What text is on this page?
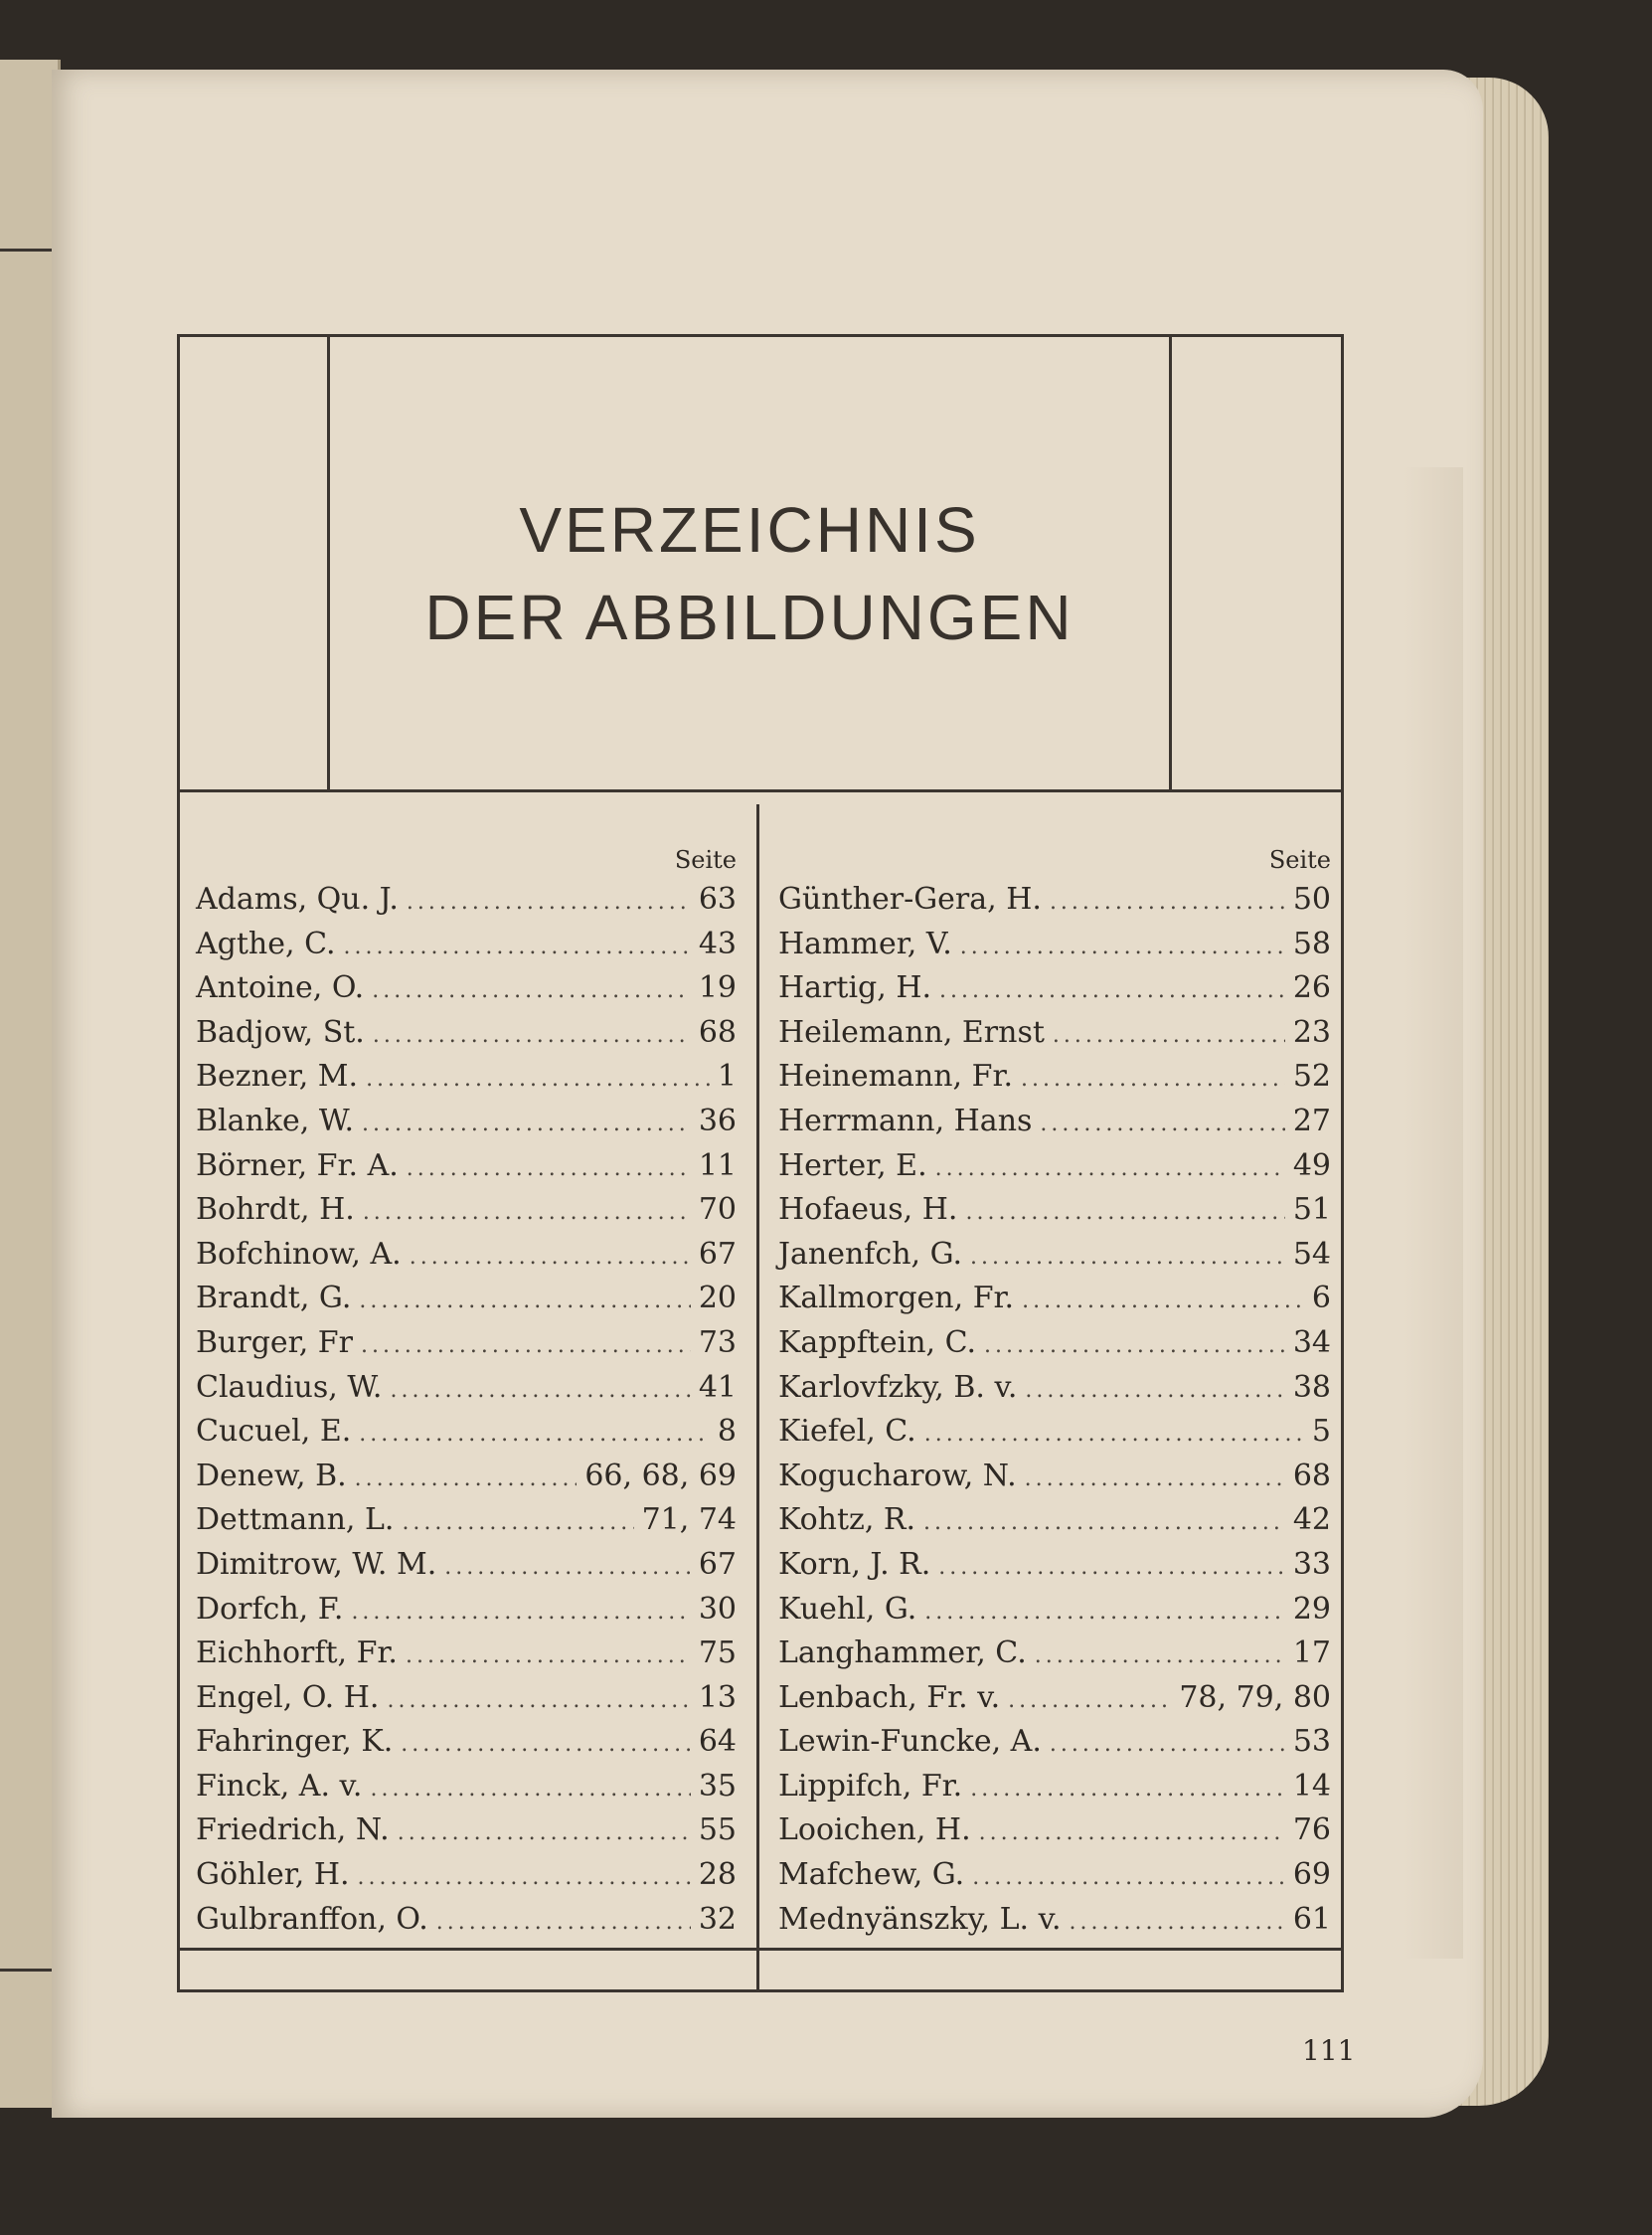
VERZEICHNIS

DER ABBILDUNGEN

Seite

Adams, Qu. J. .....	63
Agthe, C. .....	43
Antoine, O. .....	19
Badjow, St. .....	68
Bezner, M. .....	1
Blanke, W. .....	36
Börner, Fr. A. .....	11
Bohrdt, H. .....	70
Bofchinow, A. .....	67
Brandt, G. .....	20
Burger, Fr .....	73
Claudius, W. .....	41
Cucuel, E. .....	8
Denew, B. .....	66, 68, 69
Dettmann, L. .....	71, 74
Dimitrow, W. M. .....	67
Dorfch, F. .....	30
Eichhorft, Fr. .....	75
Engel, O. H. .....	13
Fahringer, K. .....	64
Finck, A. v. .....	35
Friedrich, N. .....	55
Göhler, H. .....	28
Gulbranffon, O. .....	32

Seite

Günther-Gera, H. .....	50
Hammer, V. .....	58
Hartig, H. .....	26
Heilemann, Ernst .....	23
Heinemann, Fr. .....	52
Herrmann, Hans .....	27
Herter, E. .....	49
Hofaeus, H. .....	51
Janenfch, G. .....	54
Kallmorgen, Fr. .....	6
Kappftein, C. .....	34
Karlovfzky, B. v. .....	38
Kiefel, C. .....	5
Kogucharow, N. .....	68
Kohtz, R. .....	42
Korn, J. R. .....	33
Kuehl, G. .....	29
Langhammer, C. .....	17
Lenbach, Fr. v. .....	78, 79, 80
Lewin-Funcke, A. .....	53
Lippifch, Fr. .....	14
Looichen, H. .....	76
Mafchew, G. .....	69
Mednyänszky, L. v. .....	61
111
